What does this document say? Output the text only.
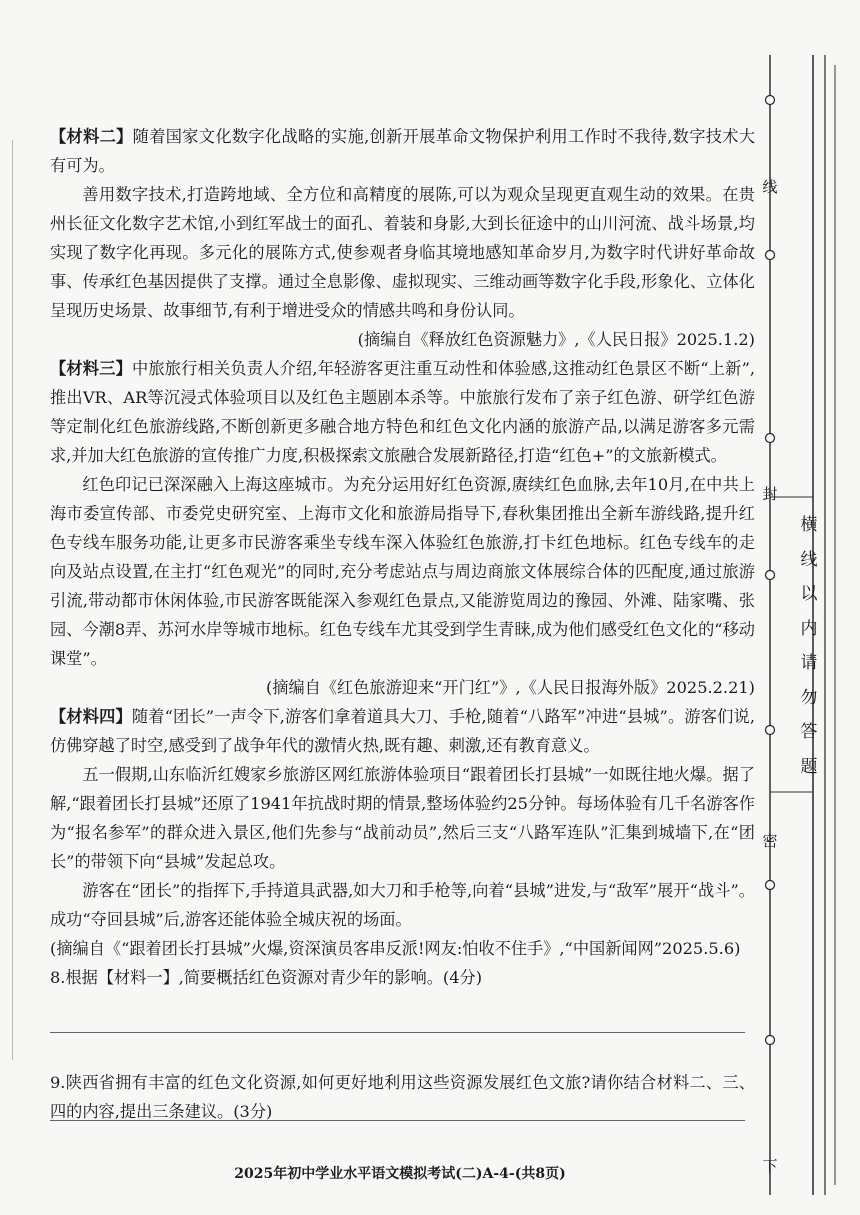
【材料二】随着国家文化数字化战略的实施,创新开展革命文物保护利用工作时不我待,数字技术大有可为。

善用数字技术,打造跨地域、全方位和高精度的展陈,可以为观众呈现更直观生动的效果。在贵州长征文化数字艺术馆,小到红军战士的面孔、着装和身影,大到长征途中的山川河流、战斗场景,均实现了数字化再现。多元化的展陈方式,使参观者身临其境地感知革命岁月,为数字时代讲好革命故事、传承红色基因提供了支撑。通过全息影像、虚拟现实、三维动画等数字化手段,形象化、立体化呈现历史场景、故事细节,有利于增进受众的情感共鸣和身份认同。

(摘编自《释放红色资源魅力》,《人民日报》2025.1.2)

【材料三】中旅旅行相关负责人介绍,年轻游客更注重互动性和体验感,这推动红色景区不断“上新”,推出VR、AR等沉浸式体验项目以及红色主题剧本杀等。中旅旅行发布了亲子红色游、研学红色游等定制化红色旅游线路,不断创新更多融合地方特色和红色文化内涵的旅游产品,以满足游客多元需求,并加大红色旅游的宣传推广力度,积极探索文旅融合发展新路径,打造“红色+”的文旅新模式。

红色印记已深深融入上海这座城市。为充分运用好红色资源,赓续红色血脉,去年10月,在中共上海市委宣传部、市委党史研究室、上海市文化和旅游局指导下,春秋集团推出全新车游线路,提升红色专线车服务功能,让更多市民游客乘坐专线车深入体验红色旅游,打卡红色地标。红色专线车的走向及站点设置,在主打“红色观光”的同时,充分考虑站点与周边商旅文体展综合体的匹配度,通过旅游引流,带动都市休闲体验,市民游客既能深入参观红色景点,又能游览周边的豫园、外滩、陆家嘴、张园、今潮8弄、苏河水岸等城市地标。红色专线车尤其受到学生青睐,成为他们感受红色文化的“移动课堂”。

(摘编自《红色旅游迎来“开门红”》,《人民日报海外版》2025.2.21)

【材料四】随着“团长”一声令下,游客们拿着道具大刀、手枪,随着“八路军”冲进“县城”。游客们说,仿佛穿越了时空,感受到了战争年代的激情火热,既有趣、刺激,还有教育意义。

五一假期,山东临沂红嫂家乡旅游区网红旅游体验项目“跟着团长打县城”一如既往地火爆。据了解,“跟着团长打县城”还原了1941年抗战时期的情景,整场体验约25分钟。每场体验有几千名游客作为“报名参军”的群众进入景区,他们先参与“战前动员”,然后三支“八路军连队”汇集到城墙下,在“团长”的带领下向“县城”发起总攻。

游客在“团长”的指挥下,手持道具武器,如大刀和手枪等,向着“县城”进发,与“敌军”展开“战斗”。成功“夺回县城”后,游客还能体验全城庆祝的场面。

(摘编自《“跟着团长打县城”火爆,资深演员客串反派!网友:怕收不住手》,“中国新闻网”2025.5.6)

8.根据【材料一】,简要概括红色资源对青少年的影响。(4分)

9.陕西省拥有丰富的红色文化资源,如何更好地利用这些资源发展红色文旅?请你结合材料二、三、四的内容,提出三条建议。(3分)

2025年初中学业水平语文模拟考试(二)A-4-(共8页)
线
封
密
下
横线以内请勿答题
